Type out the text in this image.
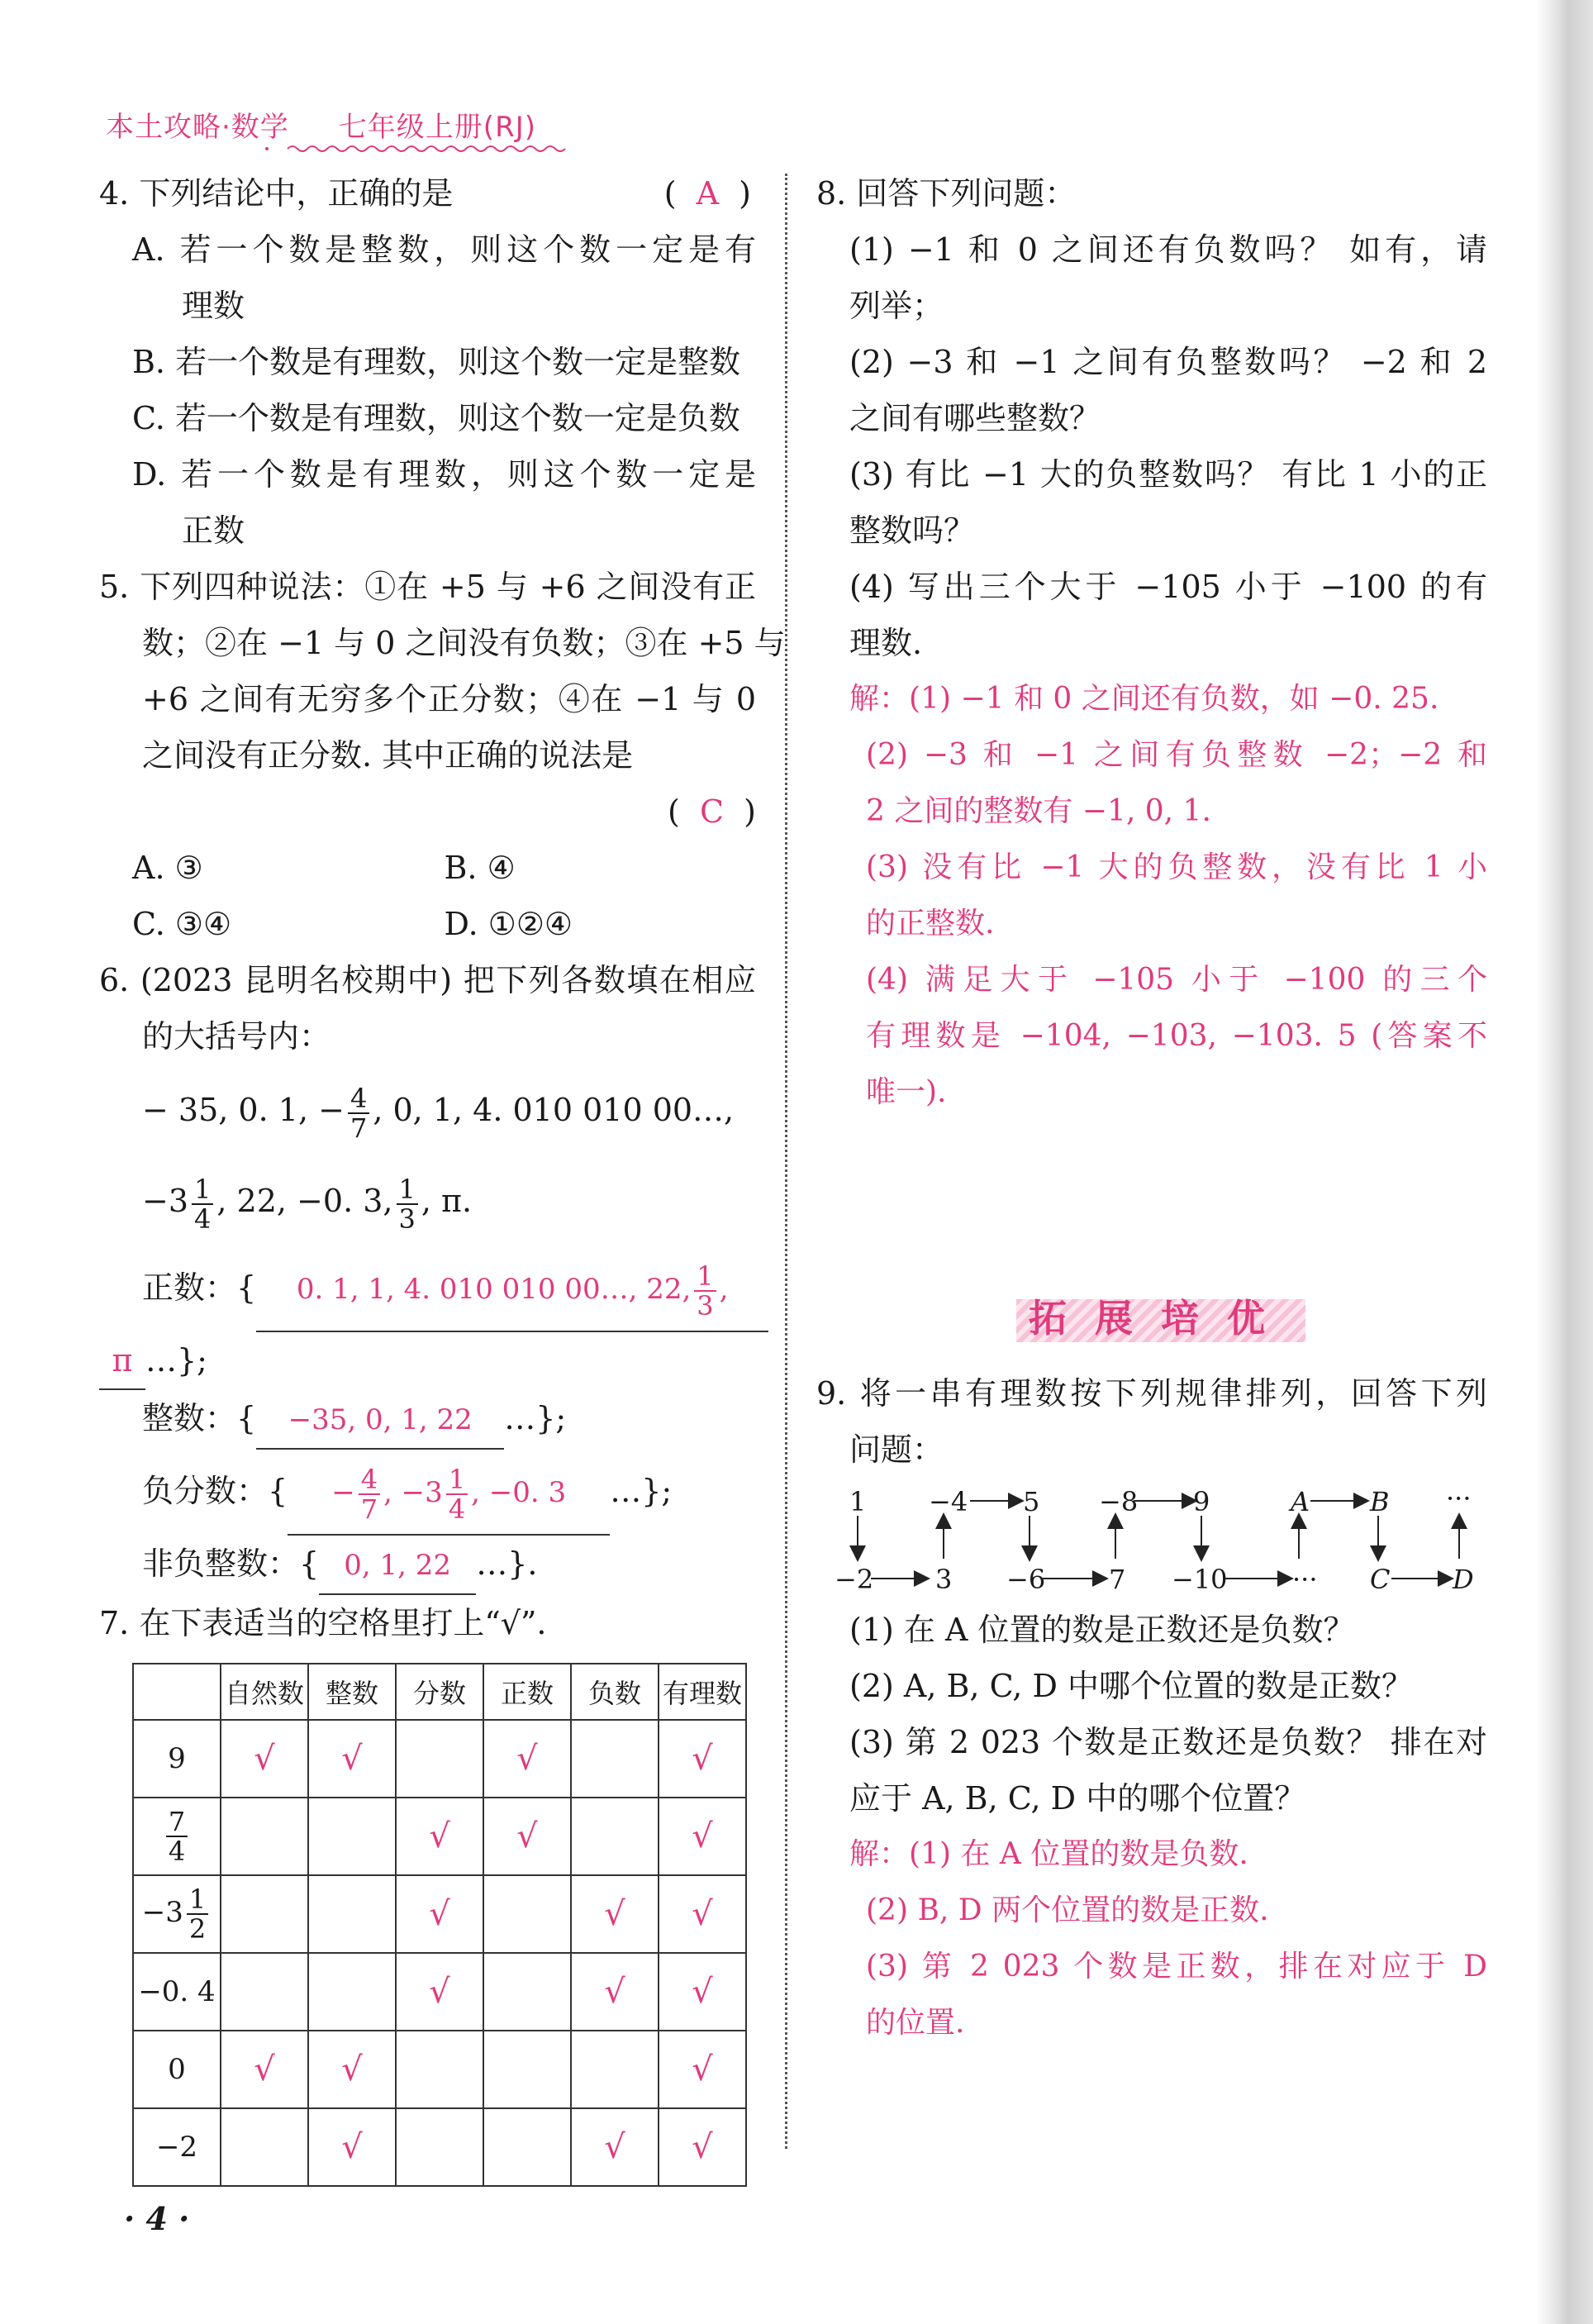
本土攻略·数学 七年级上册(RJ)

4. 下列结论中，正确的是	( A )

A. 若一个数是整数，则这个数一定是有

理数

B. 若一个数是有理数，则这个数一定是整数

C. 若一个数是有理数，则这个数一定是负数

D. 若一个数是有理数，则这个数一定是

正数

5. 下列四种说法：①在 +5 与 +6 之间没有正

数；②在 −1 与 0 之间没有负数；③在 +5 与

+6 之间有无穷多个正分数；④在 −1 与 0

之间没有正分数. 其中正确的说法是

(  C  )

A. ③	B. ④
C. ③④	D. ①②④

6. (2023 昆明名校期中) 把下列各数填在相应

的大括号内：

− 35, 0. 1, − $\frac{4}{7}$ , 0, 1, 4. 010 010 00…,

$-3 \frac{1}{4}$ , 22, −0. 3, $\frac{1}{3}$ , π.

正数：{ 0. 1, 1, 4. 010 010 00…, 22, $\frac{1}{3}$ ,

π …};

整数：{ −35, 0, 1, 22 …};

负分数：{ − $\frac{4}{7}$ , $-3 \frac{1}{4}$ , −0. 3 …};

非负整数：{ 0, 1, 22 …}.

7. 在下表适当的空格里打上“√”.

	自然数	整数	分数	正数	负数	有理数
9	√	√		√		√

$\frac{7}{4}$			√	√		√
$-3 \frac{1}{2}$			√		√	√
−0. 4			√		√	√
0	√	√				√
−2		√			√	√

8. 回答下列问题：

(1) −1 和 0 之间还有负数吗？ 如有，请

列举；

(2) −3 和 −1 之间有负整数吗？ −2 和 2

之间有哪些整数？

(3) 有比 −1 大的负整数吗？ 有比 1 小的正

整数吗？

(4) 写出三个大于 −105 小于 −100 的有

理数.

解：(1) −1 和 0 之间还有负数，如 −0. 25.

(2) −3 和 −1 之间有负整数 −2；−2 和

2 之间的整数有 −1, 0, 1.

(3) 没有比 −1 大的负整数，没有比 1 小

的正整数.

(4) 满足大于 −105 小于 −100 的三个

有理数是 −104, −103, −103. 5 (答案不

唯一).

拓展培优

9. 将一串有理数按下列规律排列，回答下列

问题：

1 −4 5 −8 9	A B ···
−2 3 −6 7 −10 ··· C D

(1) 在 A 位置的数是正数还是负数？

(2) A, B, C, D 中哪个位置的数是正数？

(3) 第 2 023 个数是正数还是负数？ 排在对

应于 A, B, C, D 中的哪个位置？

解：(1) 在 A 位置的数是负数.

(2) B, D 两个位置的数是正数.

(3) 第 2 023 个数是正数，排在对应于 D

的位置.

· 4 ·
